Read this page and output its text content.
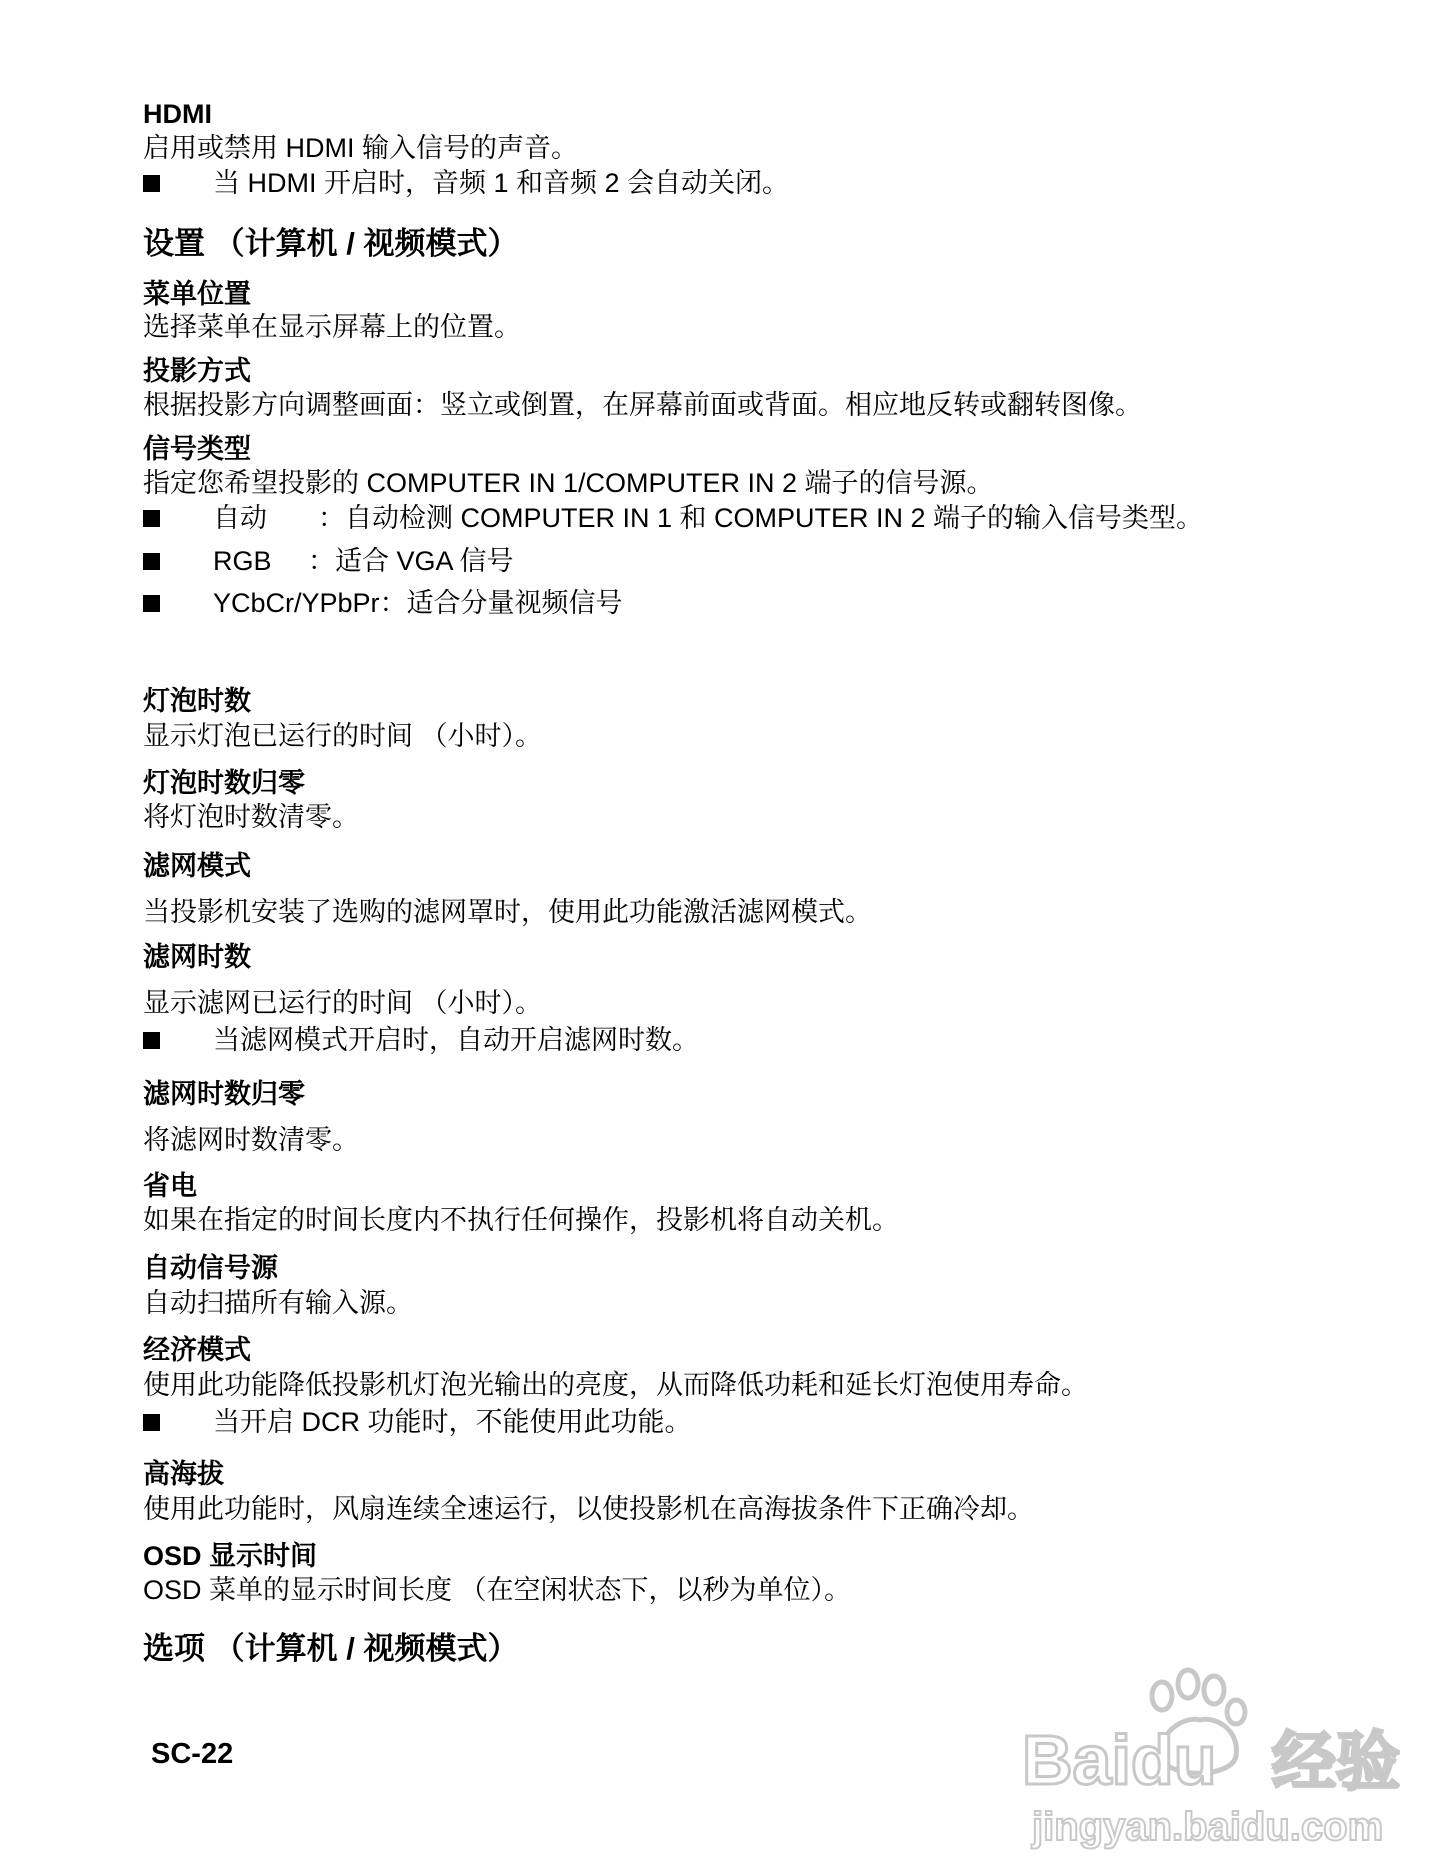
HDMI
启用或禁用 HDMI 输入信号的声音。
当 HDMI 开启时，音频 1 和音频 2 会自动关闭。
设置 （计算机 / 视频模式）
菜单位置
选择菜单在显示屏幕上的位置。
投影方式
根据投影方向调整画面：竖立或倒置，在屏幕前面或背面。相应地反转或翻转图像。
信号类型
指定您希望投影的 COMPUTER IN 1/COMPUTER IN 2 端子的信号源。
自动 ：自动检测 COMPUTER IN 1 和 COMPUTER IN 2 端子的输入信号类型。
RGB ：适合 VGA 信号
YCbCr/YPbPr：适合分量视频信号
灯泡时数
显示灯泡已运行的时间 （小时）。
灯泡时数归零
将灯泡时数清零。
滤网模式
当投影机安装了选购的滤网罩时，使用此功能激活滤网模式。
滤网时数
显示滤网已运行的时间 （小时）。
当滤网模式开启时，自动开启滤网时数。
滤网时数归零
将滤网时数清零。
省电
如果在指定的时间长度内不执行任何操作，投影机将自动关机。
自动信号源
自动扫描所有输入源。
经济模式
使用此功能降低投影机灯泡光输出的亮度，从而降低功耗和延长灯泡使用寿命。
当开启 DCR 功能时，不能使用此功能。
高海拔
使用此功能时，风扇连续全速运行，以使投影机在高海拔条件下正确冷却。
OSD 显示时间
OSD 菜单的显示时间长度 （在空闲状态下，以秒为单位）。
选项 （计算机 / 视频模式）
SC-22	Baidu 经验
jingyan.baidu.com
